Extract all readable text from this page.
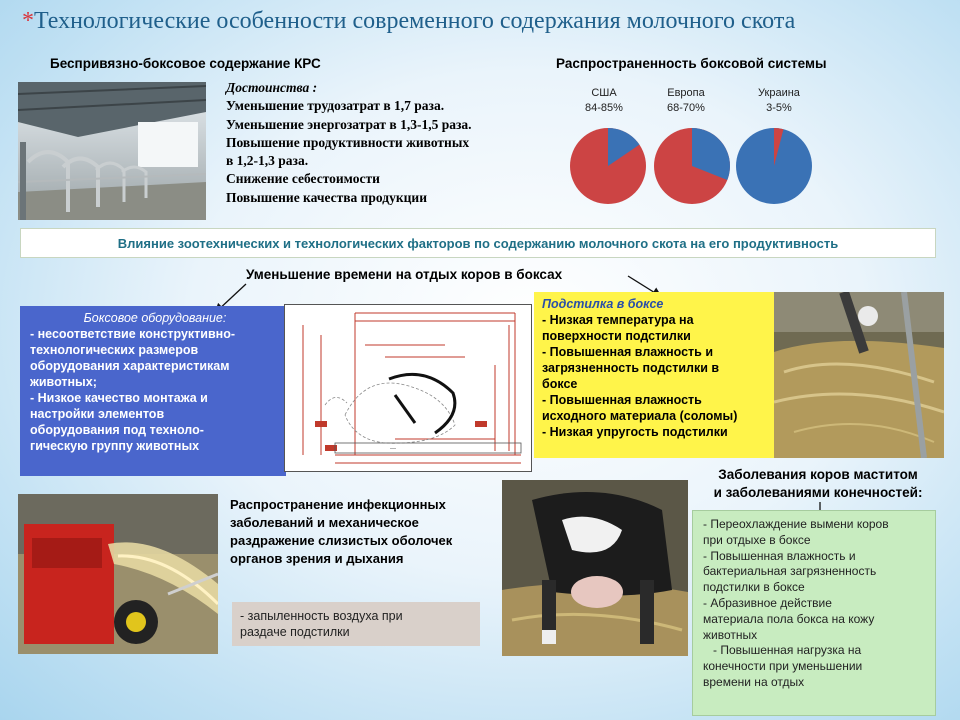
*Технологические особенности современного содержания молочного скота
Беспривязно-боксовое содержание КРС
Достоинства :
Уменьшение трудозатрат в 1,7 раза.
Уменьшение энергозатрат в 1,3-1,5 раза.
Повышение продуктивности животных
в 1,2-1,3 раза.
Снижение себестоимости
Повышение качества продукции
Распространенность боксовой системы
США
84-85%
Европа
68-70%
Украина
3-5%
Влияние зоотехнических и технологических факторов по содержанию молочного скота на его продуктивность
Уменьшение времени на отдых коров в боксах
Боксовое оборудование:
- несоответствие конструктивно-
технологических размеров
оборудования характеристикам
животных;
- Низкое качество монтажа и
настройки элементов
оборудования под техноло-
гическую группу животных	—
Подстилка в боксе
- Низкая температура на
поверхности подстилки
- Повышенная влажность и
загрязненность подстилки в
боксе
- Повышенная влажность
исходного материала (соломы)
- Низкая упругость подстилки
Распространение инфекционных
заболеваний и механическое
раздражение слизистых оболочек
органов зрения и дыхания
- запыленность воздуха при
раздаче подстилки
Заболевания коров маститом
и заболеваниями конечностей:
- Переохлаждение вымени коров
при отдыхе в боксе
- Повышенная влажность и
бактериальная загрязненность
подстилки в боксе
- Абразивное действие
материала пола бокса на кожу
животных
- Повышенная нагрузка на
конечности при уменьшении
времени на отдых
